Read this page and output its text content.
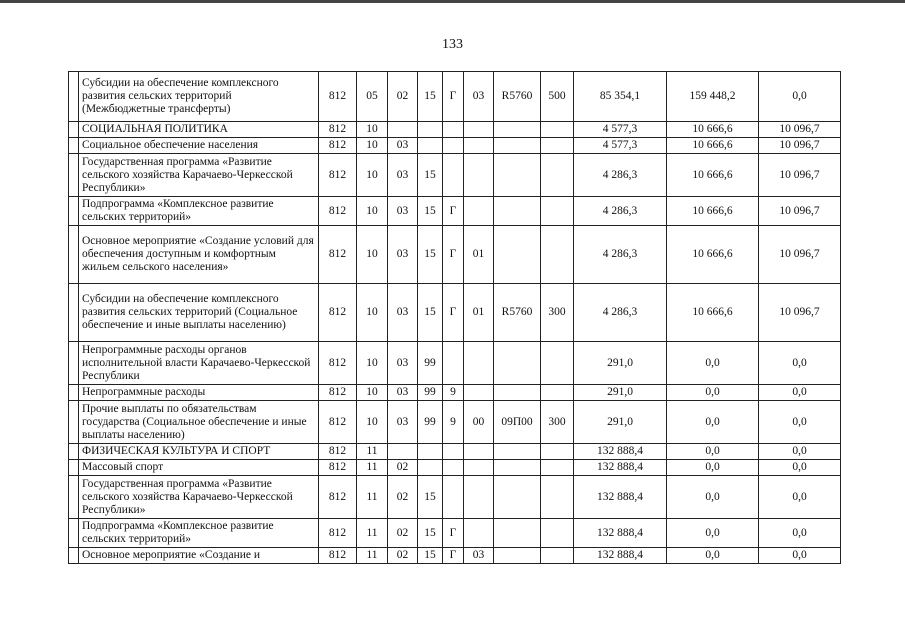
133
	Субсидии на обеспечение комплексного развития сельских территорий (Межбюджетные трансферты)	812	05	02	15	Г	03	R5760	500	85 354,1	159 448,2	0,0
	СОЦИАЛЬНАЯ ПОЛИТИКА	812	10							4 577,3	10 666,6	10 096,7
	Социальное обеспечение населения	812	10	03						4 577,3	10 666,6	10 096,7
	Государственная программа «Развитие сельского хозяйства Карачаево-Черкесской Республики»	812	10	03	15					4 286,3	10 666,6	10 096,7
	Подпрограмма «Комплексное развитие сельских территорий»	812	10	03	15	Г				4 286,3	10 666,6	10 096,7
	Основное мероприятие «Создание условий для обеспечения доступным и комфортным жильем сельского населения»	812	10	03	15	Г	01			4 286,3	10 666,6	10 096,7
	Субсидии на обеспечение комплексного развития сельских территорий (Социальное обеспечение и иные выплаты населению)	812	10	03	15	Г	01	R5760	300	4 286,3	10 666,6	10 096,7
	Непрограммные расходы органов исполнительной власти Карачаево-Черкесской Республики	812	10	03	99					291,0	0,0	0,0
	Непрограммные расходы	812	10	03	99	9				291,0	0,0	0,0
	Прочие выплаты по обязательствам государства (Социальное обеспечение и иные выплаты населению)	812	10	03	99	9	00	09П00	300	291,0	0,0	0,0
	ФИЗИЧЕСКАЯ КУЛЬТУРА И СПОРТ	812	11							132 888,4	0,0	0,0
	Массовый спорт	812	11	02						132 888,4	0,0	0,0
	Государственная программа «Развитие сельского хозяйства Карачаево-Черкесской Республики»	812	11	02	15					132 888,4	0,0	0,0
	Подпрограмма «Комплексное развитие сельских территорий»	812	11	02	15	Г				132 888,4	0,0	0,0
	Основное мероприятие «Создание и	812	11	02	15	Г	03			132 888,4	0,0	0,0
